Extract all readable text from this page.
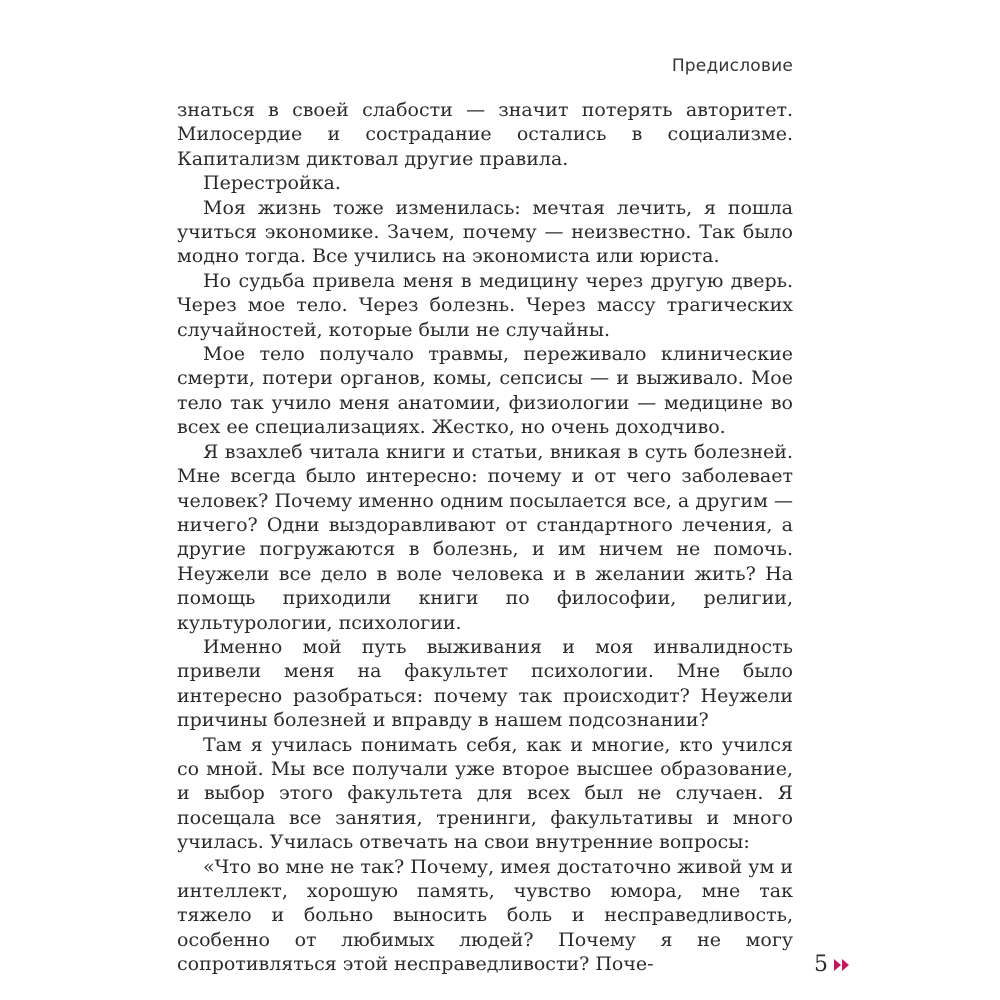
Предисловие

знаться в своей слабости — значит потерять авторитет. Милосердие и сострадание остались в социализме. Капитализм диктовал другие правила.

Перестройка.

Моя жизнь тоже изменилась: мечтая лечить, я пошла учиться экономике. Зачем, почему — неизвестно. Так было модно тогда. Все учились на экономиста или юриста.

Но судьба привела меня в медицину через другую дверь. Через мое тело. Через болезнь. Через массу трагических случайностей, которые были не случайны.

Мое тело получало травмы, переживало клинические смерти, потери органов, комы, сепсисы — и выживало. Мое тело так учило меня анатомии, физиологии — медицине во всех ее специализациях. Жестко, но очень доходчиво.

Я взахлеб читала книги и статьи, вникая в суть болезней. Мне всегда было интересно: почему и от чего заболевает человек? Почему именно одним посылается все, а другим — ничего? Одни выздоравливают от стандартного лечения, а другие погружаются в болезнь, и им ничем не помочь. Неужели все дело в воле человека и в желании жить? На помощь приходили книги по философии, религии, культурологии, психологии.

Именно мой путь выживания и моя инвалидность привели меня на факультет психологии. Мне было интересно разобраться: почему так происходит? Неужели причины болезней и вправду в нашем подсознании?

Там я училась понимать себя, как и многие, кто учился со мной. Мы все получали уже второе высшее образование, и выбор этого факультета для всех был не случаен. Я посещала все занятия, тренинги, факультативы и много училась. Училась отвечать на свои внутренние вопросы:

«Что во мне не так? Почему, имея достаточно живой ум и интеллект, хорошую память, чувство юмора, мне так тяжело и больно выносить боль и несправедливость, особенно от любимых людей? Почему я не могу сопротивляться этой несправедливости? Поче-	5
